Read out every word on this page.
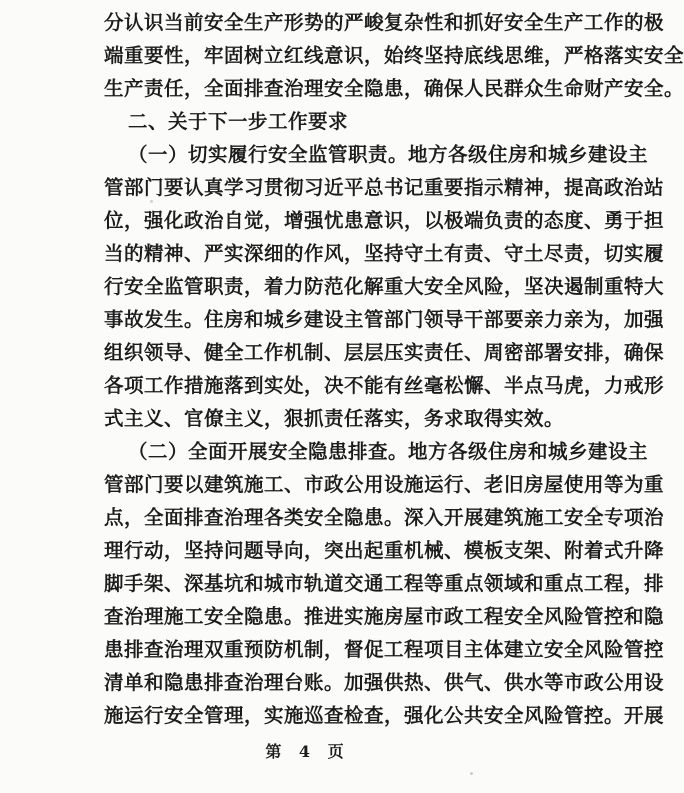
分认识当前安全生产形势的严峻复杂性和抓好安全生产工作的极
端重要性，牢固树立红线意识，始终坚持底线思维，严格落实安全
生产责任，全面排查治理安全隐患，确保人民群众生命财产安全。
二、关于下一步工作要求
（一）切实履行安全监管职责。地方各级住房和城乡建设主
管部门要认真学习贯彻习近平总书记重要指示精神，提高政治站
位，强化政治自觉，增强忧患意识，以极端负责的态度、勇于担
当的精神、严实深细的作风，坚持守土有责、守土尽责，切实履
行安全监管职责，着力防范化解重大安全风险，坚决遏制重特大
事故发生。住房和城乡建设主管部门领导干部要亲力亲为，加强
组织领导、健全工作机制、层层压实责任、周密部署安排，确保
各项工作措施落到实处，决不能有丝毫松懈、半点马虎，力戒形
式主义、官僚主义，狠抓责任落实，务求取得实效。
（二）全面开展安全隐患排查。地方各级住房和城乡建设主
管部门要以建筑施工、市政公用设施运行、老旧房屋使用等为重
点，全面排查治理各类安全隐患。深入开展建筑施工安全专项治
理行动，坚持问题导向，突出起重机械、模板支架、附着式升降
脚手架、深基坑和城市轨道交通工程等重点领域和重点工程，排
查治理施工安全隐患。推进实施房屋市政工程安全风险管控和隐
患排查治理双重预防机制，督促工程项目主体建立安全风险管控
清单和隐患排查治理台账。加强供热、供气、供水等市政公用设
第 4 页
施运行安全管理，实施巡查检查，强化公共安全风险管控。开展
